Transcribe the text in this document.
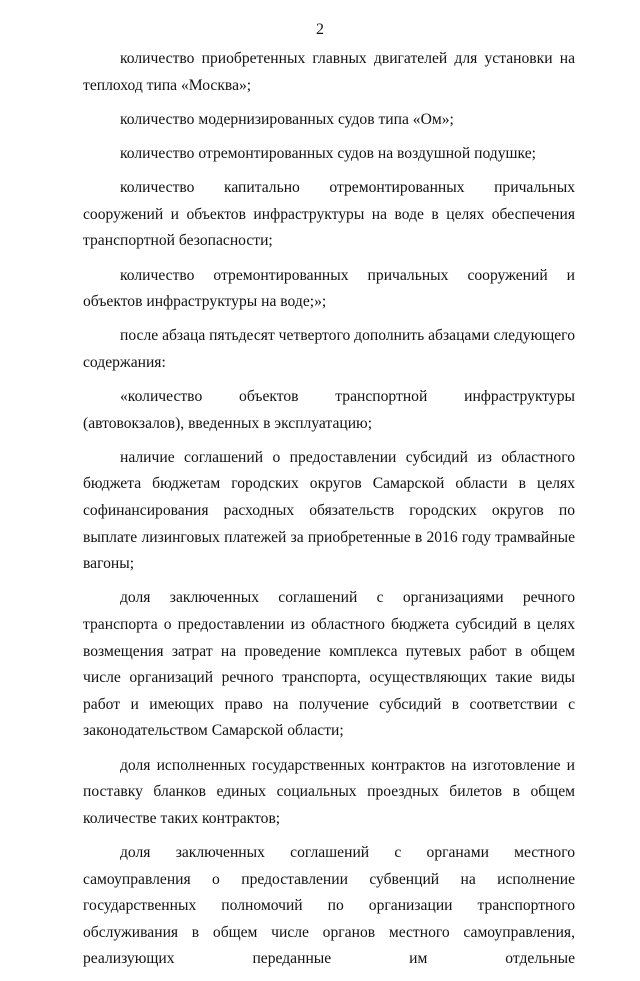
2

количество приобретенных главных двигателей для установки на теплоход типа «Москва»;

количество модернизированных судов типа «Ом»;

количество отремонтированных судов на воздушной подушке;

количество капитально отремонтированных причальных сооружений и объектов инфраструктуры на воде в целях обеспечения транспортной безопасности;

количество отремонтированных причальных сооружений и объектов инфраструктуры на воде;»;

после абзаца пятьдесят четвертого дополнить абзацами следующего содержания:

«количество объектов транспортной инфраструктуры (автовокзалов), введенных в эксплуатацию;

наличие соглашений о предоставлении субсидий из областного бюджета бюджетам городских округов Самарской области в целях софинансирования расходных обязательств городских округов по выплате лизинговых платежей за приобретенные в 2016 году трамвайные вагоны;

доля заключенных соглашений с организациями речного транспорта о предоставлении из областного бюджета субсидий в целях возмещения затрат на проведение комплекса путевых работ в общем числе организаций речного транспорта, осуществляющих такие виды работ и имеющих право на получение субсидий в соответствии с законодательством Самарской области;

доля исполненных государственных контрактов на изготовление и поставку бланков единых социальных проездных билетов в общем количестве таких контрактов;

доля заключенных соглашений с органами местного самоуправления о предоставлении субвенций на исполнение государственных полномочий по организации транспортного обслуживания в общем числе органов местного самоуправления, реализующих переданные им отдельные
